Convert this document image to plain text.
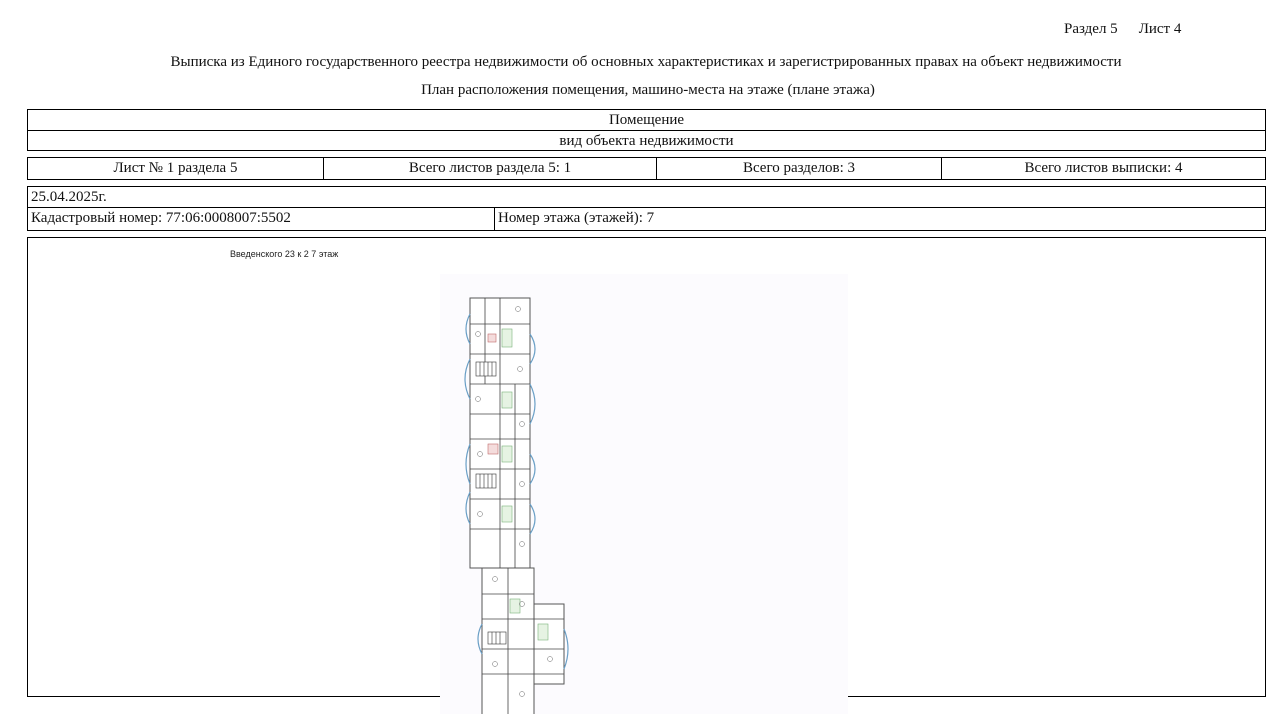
Раздел 5 Лист 4
Выписка из Единого государственного реестра недвижимости об основных характеристиках и зарегистрированных правах на объект недвижимости
План расположения помещения, машино-места на этаже (плане этажа)
Помещение
вид объекта недвижимости
Лист № 1 раздела 5	Всего листов раздела 5: 1	Всего разделов: 3	Всего листов выписки: 4
25.04.2025г.
Кадастровый номер: 77:06:0008007:5502	Номер этажа (этажей): 7
Введенского 23 к 2 7 этаж
